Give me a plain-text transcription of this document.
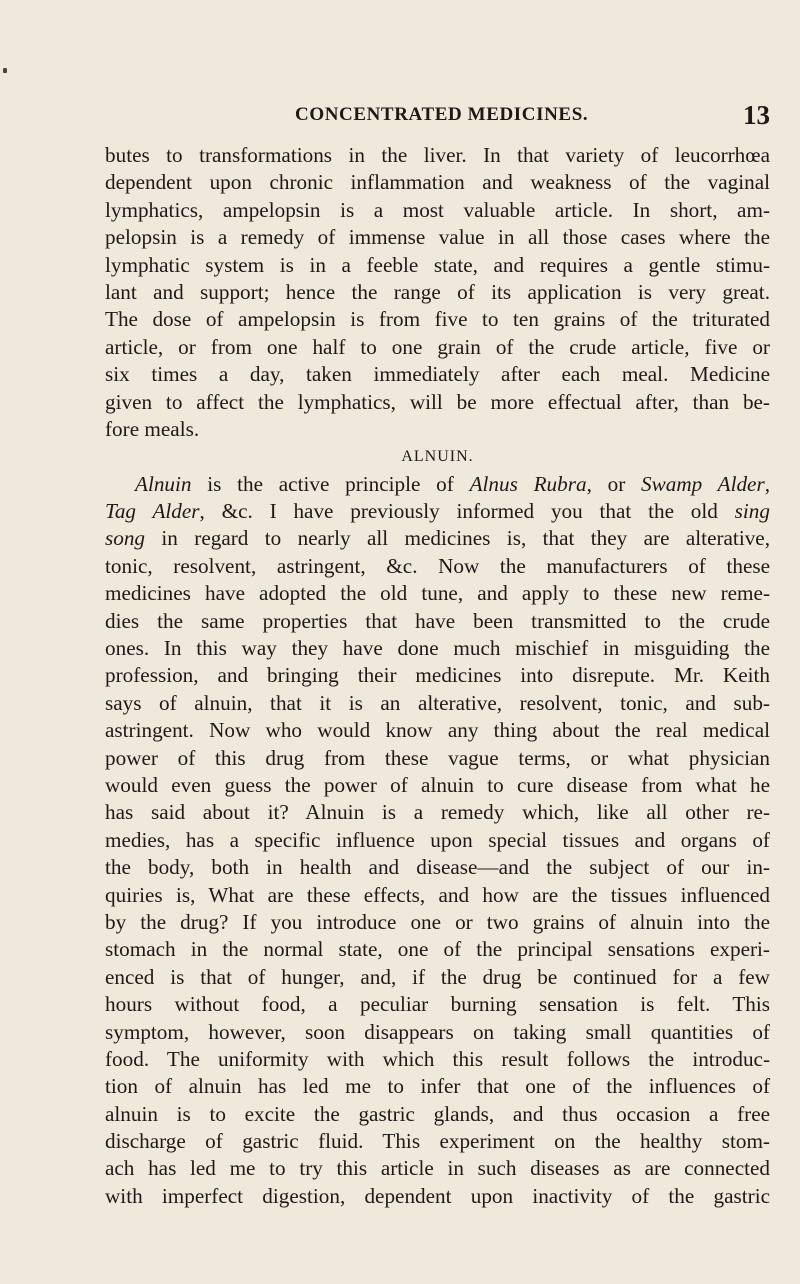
CONCENTRATED MEDICINES.	13
butes to transformations in the liver. In that variety of leucorrhœa
dependent upon chronic inflammation and weakness of the vaginal
lymphatics, ampelopsin is a most valuable article. In short, am-
pelopsin is a remedy of immense value in all those cases where the
lymphatic system is in a feeble state, and requires a gentle stimu-
lant and support; hence the range of its application is very great.
The dose of ampelopsin is from five to ten grains of the triturated
article, or from one half to one grain of the crude article, five or
six times a day, taken immediately after each meal. Medicine
given to affect the lymphatics, will be more effectual after, than be-
fore meals.
ALNUIN.
Alnuin is the active principle of Alnus Rubra, or Swamp Alder,
Tag Alder, &c. I have previously informed you that the old sing
song in regard to nearly all medicines is, that they are alterative,
tonic, resolvent, astringent, &c. Now the manufacturers of these
medicines have adopted the old tune, and apply to these new reme-
dies the same properties that have been transmitted to the crude
ones. In this way they have done much mischief in misguiding the
profession, and bringing their medicines into disrepute. Mr. Keith
says of alnuin, that it is an alterative, resolvent, tonic, and sub-
astringent. Now who would know any thing about the real medical
power of this drug from these vague terms, or what physician
would even guess the power of alnuin to cure disease from what he
has said about it? Alnuin is a remedy which, like all other re-
medies, has a specific influence upon special tissues and organs of
the body, both in health and disease—and the subject of our in-
quiries is, What are these effects, and how are the tissues influenced
by the drug? If you introduce one or two grains of alnuin into the
stomach in the normal state, one of the principal sensations experi-
enced is that of hunger, and, if the drug be continued for a few
hours without food, a peculiar burning sensation is felt. This
symptom, however, soon disappears on taking small quantities of
food. The uniformity with which this result follows the introduc-
tion of alnuin has led me to infer that one of the influences of
alnuin is to excite the gastric glands, and thus occasion a free
discharge of gastric fluid. This experiment on the healthy stom-
ach has led me to try this article in such diseases as are connected
with imperfect digestion, dependent upon inactivity of the gastric
